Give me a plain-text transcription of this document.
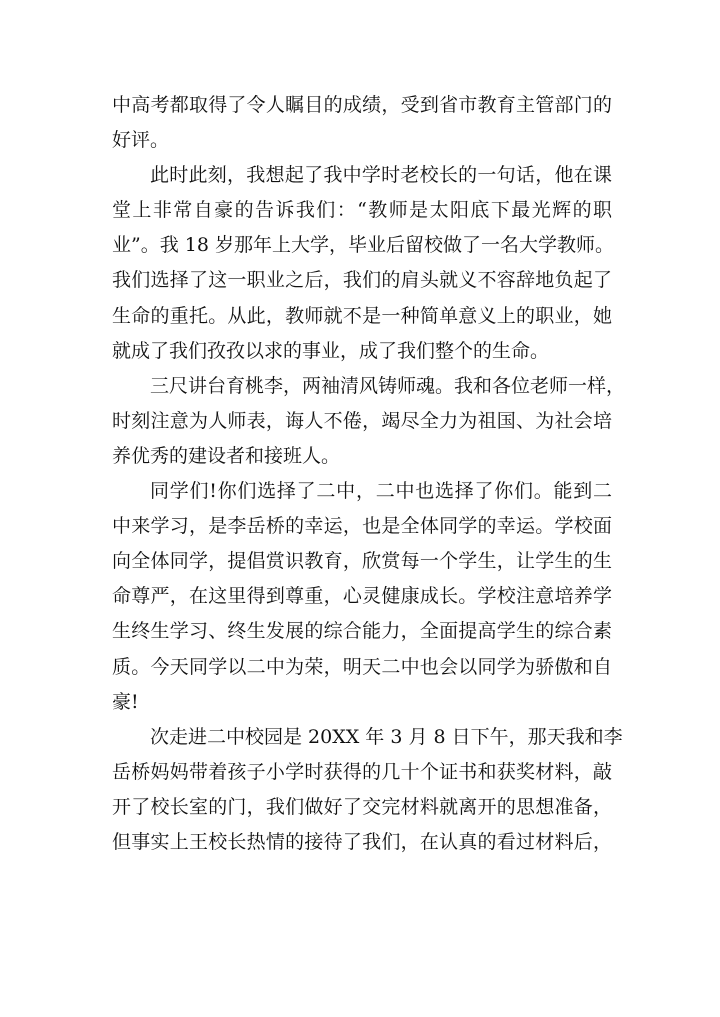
中高考都取得了令人瞩目的成绩，受到省市教育主管部门的
好评。
此时此刻，我想起了我中学时老校长的一句话，他在课
堂上非常自豪的告诉我们：“教师是太阳底下最光辉的职
业”。我 18 岁那年上大学，毕业后留校做了一名大学教师。
我们选择了这一职业之后，我们的肩头就义不容辞地负起了
生命的重托。从此，教师就不是一种简单意义上的职业，她
就成了我们孜孜以求的事业，成了我们整个的生命。
三尺讲台育桃李，两袖清风铸师魂。我和各位老师一样，
时刻注意为人师表，诲人不倦，竭尽全力为祖国、为社会培
养优秀的建设者和接班人。
同学们!你们选择了二中，二中也选择了你们。能到二
中来学习，是李岳桥的幸运，也是全体同学的幸运。学校面
向全体同学，提倡赏识教育，欣赏每一个学生，让学生的生
命尊严，在这里得到尊重，心灵健康成长。学校注意培养学
生终生学习、终生发展的综合能力，全面提高学生的综合素
质。今天同学以二中为荣，明天二中也会以同学为骄傲和自
豪!
次走进二中校园是 20XX 年 3 月 8 日下午，那天我和李
岳桥妈妈带着孩子小学时获得的几十个证书和获奖材料，敲
开了校长室的门，我们做好了交完材料就离开的思想准备，
但事实上王校长热情的接待了我们，在认真的看过材料后，
